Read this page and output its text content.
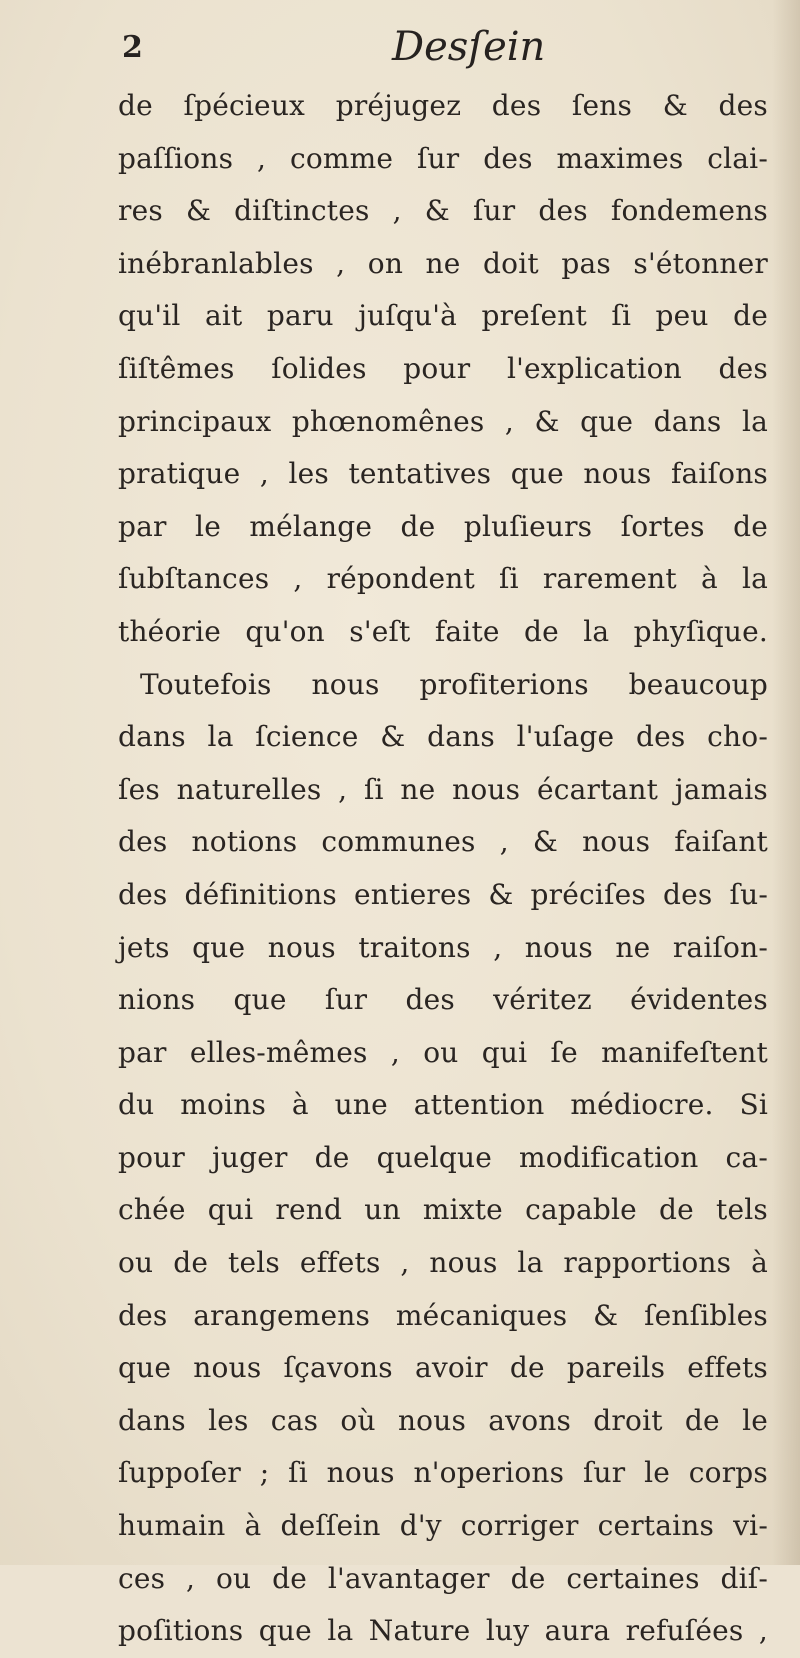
2	Desſein
de ſpécieux préjugez des ſens & des
paſſions , comme ſur des maximes clai-
res & diſtinctes , & ſur des fondemens
inébranlables , on ne doit pas s'étonner
qu'il ait paru juſqu'à preſent ſi peu de
ſiſtêmes ſolides pour l'explication des
principaux phœnomênes , & que dans la
pratique , les tentatives que nous faiſons
par le mélange de pluſieurs ſortes de
ſubſtances , répondent ſi rarement à la
théorie qu'on s'eſt faite de la phyſique.
Toutefois nous profiterions beaucoup
dans la ſcience & dans l'uſage des cho-
ſes naturelles , ſi ne nous écartant jamais
des notions communes , & nous faiſant
des définitions entieres & préciſes des ſu-
jets que nous traitons , nous ne raiſon-
nions que ſur des véritez évidentes
par elles-mêmes , ou qui ſe manifeſtent
du moins à une attention médiocre. Si
pour juger de quelque modification ca-
chée qui rend un mixte capable de tels
ou de tels effets , nous la rapportions à
des arangemens mécaniques & ſenſibles
que nous ſçavons avoir de pareils effets
dans les cas où nous avons droit de le
ſuppoſer ; ſi nous n'operions ſur le corps
humain à deſſein d'y corriger certains vi-
ces , ou de l'avantager de certaines diſ-
poſitions que la Nature luy aura refuſées ,
